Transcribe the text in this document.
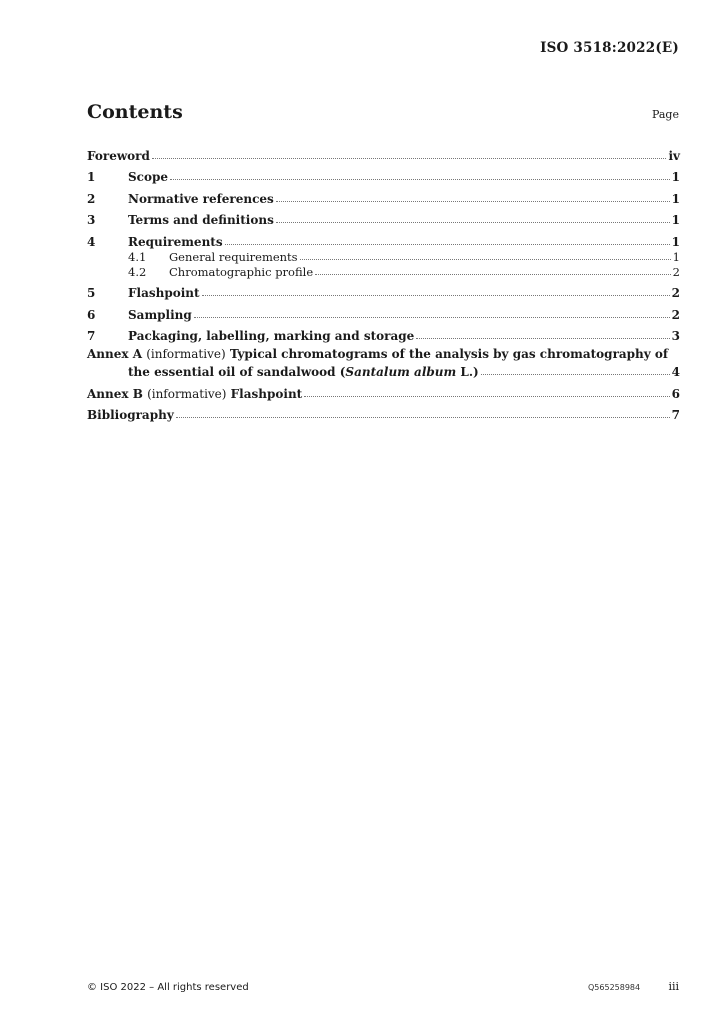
ISO 3518:2022(E)
Contents	Page
Foreword	iv
1	Scope	1
2	Normative references	1
3	Terms and definitions	1
4	Requirements	1
4.1	General requirements	1
4.2	Chromatographic profile	2
5	Flashpoint	2
6	Sampling	2
7	Packaging, labelling, marking and storage	3
Annex A (informative) Typical chromatograms of the analysis by gas chromatography of
the essential oil of sandalwood (Santalum album L.)	4
Annex B (informative) Flashpoint	6
Bibliography	7
© ISO 2022 – All rights reserved	Q565258984	iii
